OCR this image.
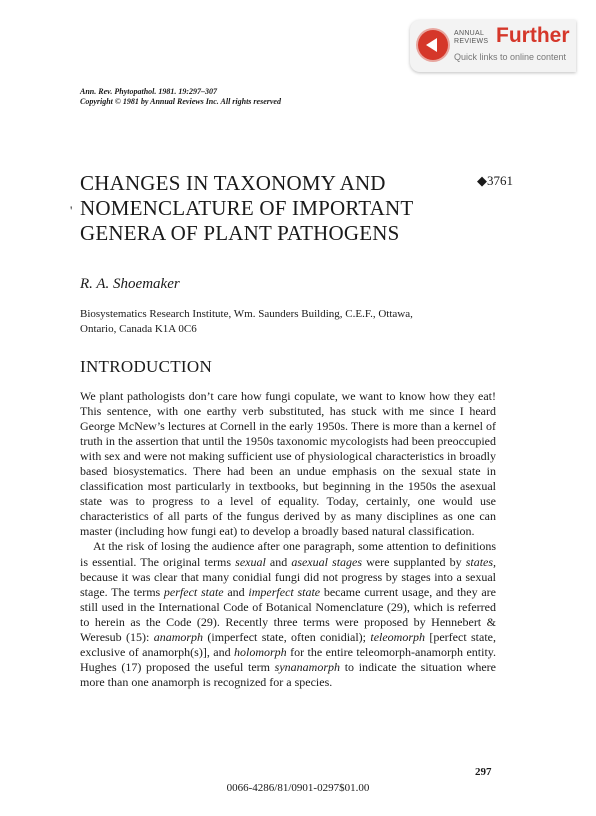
ANNUAL
REVIEWS Further
Quick links to online content
Ann. Rev. Phytopathol. 1981. 19:297–307
Copyright © 1981 by Annual Reviews Inc. All rights reserved
'
CHANGES IN TAXONOMY AND
NOMENCLATURE OF IMPORTANT
GENERA OF PLANT PATHOGENS
◆3761
R. A. Shoemaker
Biosystematics Research Institute, Wm. Saunders Building, C.E.F., Ottawa,
Ontario, Canada K1A 0C6
INTRODUCTION

We plant pathologists don’t care how fungi copulate, we want to know how they eat! This sentence, with one earthy verb substituted, has stuck with me since I heard George McNew’s lectures at Cornell in the early 1950s. There is more than a kernel of truth in the assertion that until the 1950s taxonomic mycologists had been preoccupied with sex and were not making sufficient use of physiological characteristics in broadly based biosystematics. There had been an undue emphasis on the sexual state in classification most particularly in textbooks, but beginning in the 1950s the asexual state was to progress to a level of equality. Today, certainly, one would use characteristics of all parts of the fungus derived by as many disciplines as one can master (including how fungi eat) to develop a broadly based natural classification.

At the risk of losing the audience after one paragraph, some attention to definitions is essential. The original terms sexual and asexual stages were supplanted by states, because it was clear that many conidial fungi did not progress by stages into a sexual stage. The terms perfect state and imperfect state became current usage, and they are still used in the International Code of Botanical Nomenclature (29), which is referred to herein as the Code (29). Recently three terms were proposed by Hennebert & Weresub (15): anamorph (imperfect state, often conidial); teleomorph [perfect state, exclusive of anamorph(s)], and holomorph for the entire teleomorph-anamorph entity. Hughes (17) proposed the useful term synanamorph to indicate the situation where more than one anamorph is recognized for a species.

297
0066-4286/81/0901-0297$01.00
